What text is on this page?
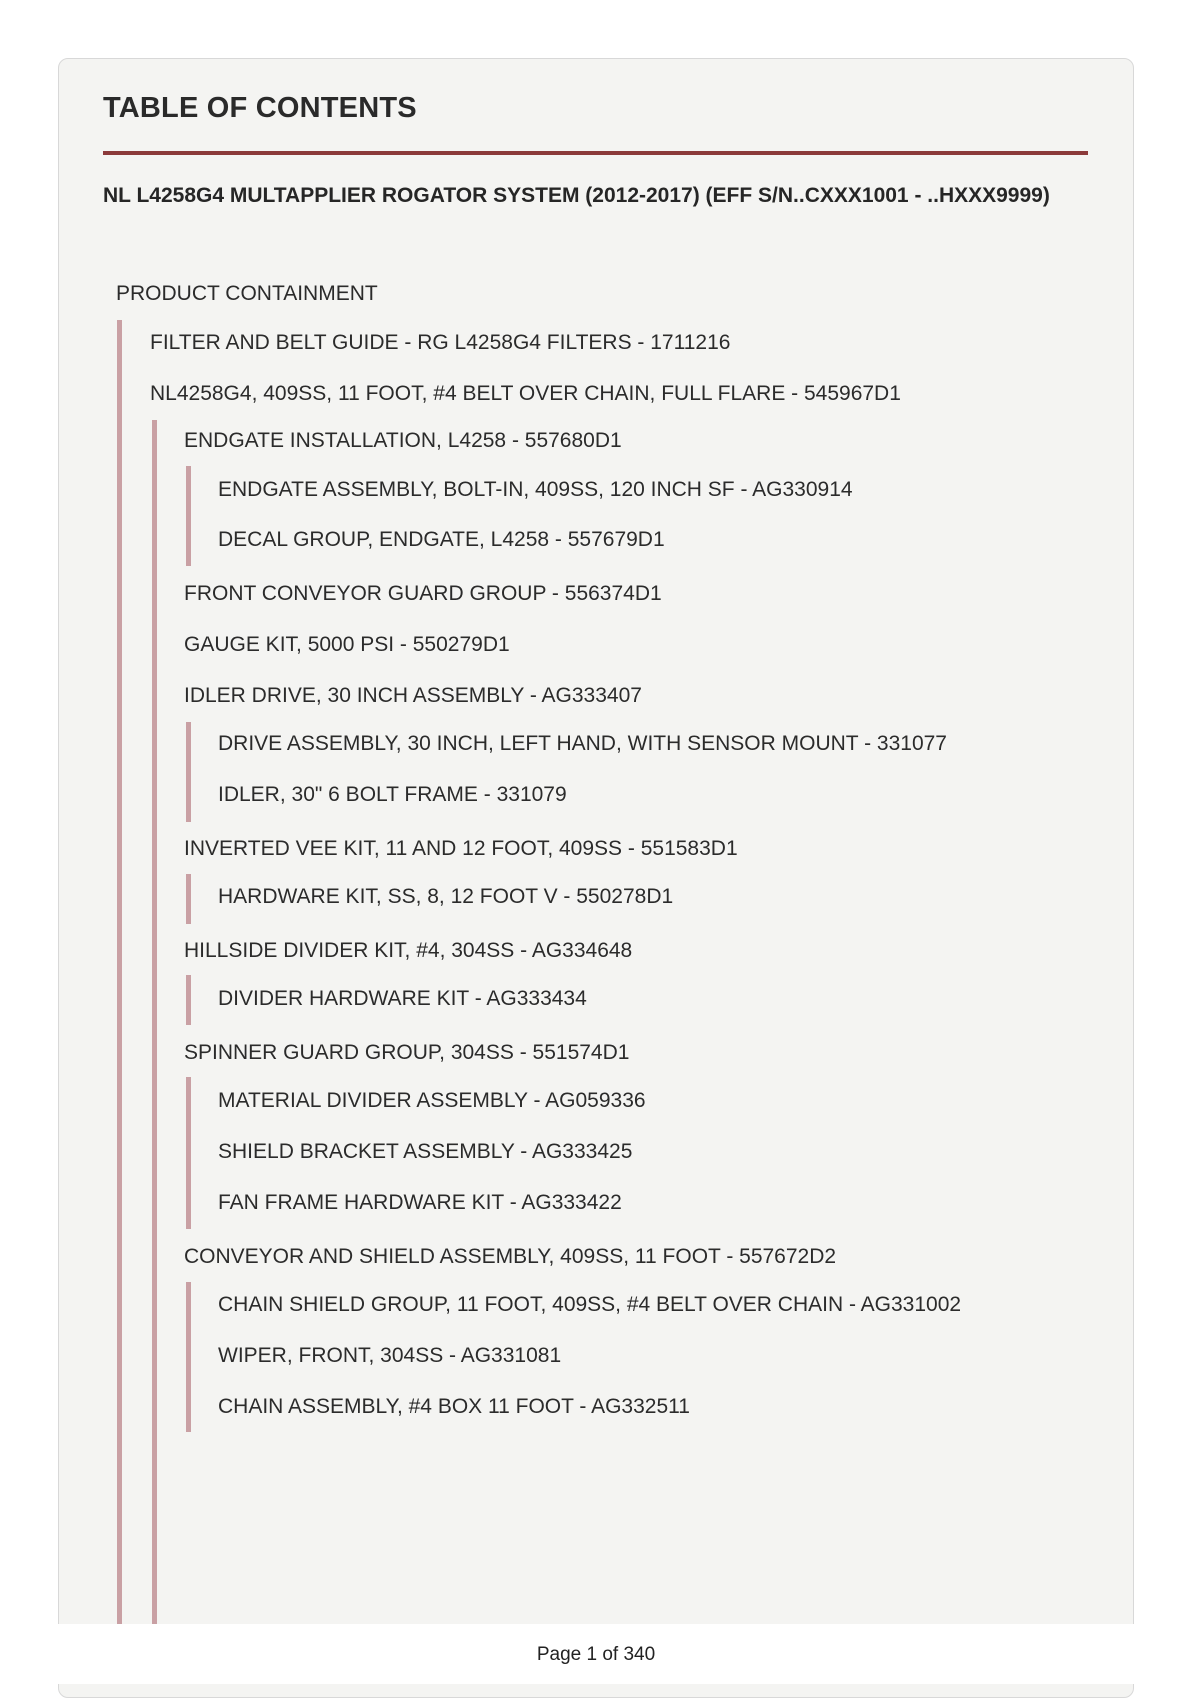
TABLE OF CONTENTS
NL L4258G4 MULTAPPLIER ROGATOR SYSTEM (2012-2017) (EFF S/N..CXXX1001 - ..HXXX9999)
PRODUCT CONTAINMENT
FILTER AND BELT GUIDE - RG L4258G4 FILTERS - 1711216
NL4258G4, 409SS, 11 FOOT, #4 BELT OVER CHAIN, FULL FLARE - 545967D1
ENDGATE INSTALLATION, L4258 - 557680D1
ENDGATE ASSEMBLY, BOLT-IN, 409SS, 120 INCH SF - AG330914
DECAL GROUP, ENDGATE, L4258 - 557679D1
FRONT CONVEYOR GUARD GROUP - 556374D1
GAUGE KIT, 5000 PSI - 550279D1
IDLER DRIVE, 30 INCH ASSEMBLY - AG333407
DRIVE ASSEMBLY, 30 INCH, LEFT HAND, WITH SENSOR MOUNT - 331077
IDLER, 30" 6 BOLT FRAME - 331079
INVERTED VEE KIT, 11 AND 12 FOOT, 409SS - 551583D1
HARDWARE KIT, SS, 8, 12 FOOT V - 550278D1
HILLSIDE DIVIDER KIT, #4, 304SS - AG334648
DIVIDER HARDWARE KIT - AG333434
SPINNER GUARD GROUP, 304SS - 551574D1
MATERIAL DIVIDER ASSEMBLY - AG059336
SHIELD BRACKET ASSEMBLY - AG333425
FAN FRAME HARDWARE KIT - AG333422
CONVEYOR AND SHIELD ASSEMBLY, 409SS, 11 FOOT - 557672D2
CHAIN SHIELD GROUP, 11 FOOT, 409SS, #4 BELT OVER CHAIN - AG331002
WIPER, FRONT, 304SS - AG331081
CHAIN ASSEMBLY, #4 BOX 11 FOOT - AG332511
Page 1 of 340
